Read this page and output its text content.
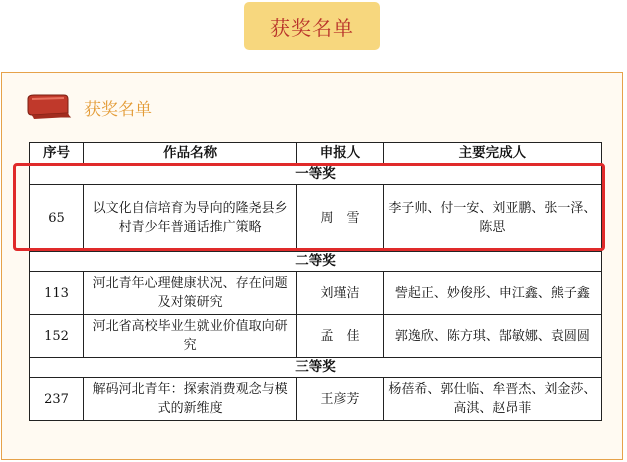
获奖名单
获奖名单
序号	作品名称	申报人	主要完成人
一等奖			
65	以文化自信培育为导向的隆尧县乡村青少年普通话推广策略	周　雪	李子帅、付一安、刘亚鹏、张一泽、陈思
二等奖			
113	河北青年心理健康状况、存在问题及对策研究	刘瑾洁	訾起正、妙俊彤、申江鑫、熊子鑫
152	河北省高校毕业生就业价值取向研究	孟　佳	郭逸欣、陈方琪、郜敏娜、袁圆圆
三等奖			
237	解码河北青年：探索消费观念与模式的新维度	王彦芳	杨蓓希、郭仕临、牟晋杰、刘金莎、高淇、赵昂菲
